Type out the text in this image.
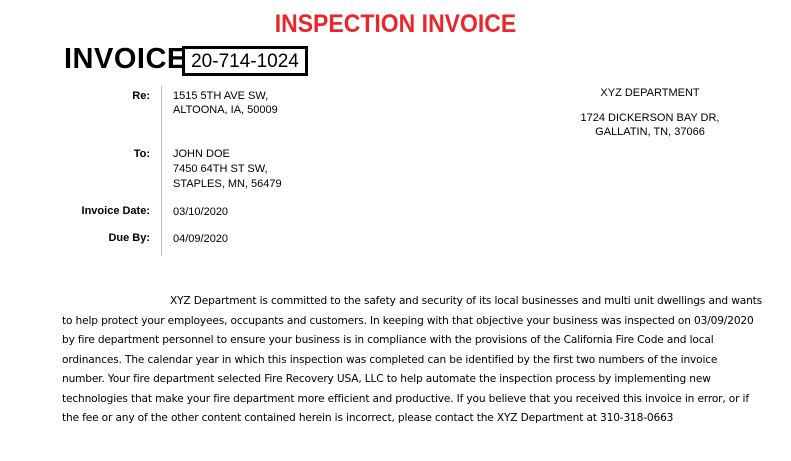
INSPECTION INVOICE
INVOICE 20-714-1024
Re: 1515 5TH AVE SW,
ALTOONA, IA, 50009
To: JOHN DOE
7450 64TH ST SW,
STAPLES, MN, 56479
Invoice Date: 03/10/2020
Due By: 04/09/2020
XYZ DEPARTMENT
1724 DICKERSON BAY DR,
GALLATIN, TN, 37066
XYZ Department is committed to the safety and security of its local businesses and multi unit dwellings and wants to help protect your employees, occupants and customers. In keeping with that objective your business was inspected on 03/09/2020 by fire department personnel to ensure your business is in compliance with the provisions of the California Fire Code and local ordinances. The calendar year in which this inspection was completed can be identified by the first two numbers of the invoice number. Your fire department selected Fire Recovery USA, LLC to help automate the inspection process by implementing new technologies that make your fire department more efficient and productive. If you believe that you received this invoice in error, or if the fee or any of the other content contained herein is incorrect, please contact the XYZ Department at 310-318-0663
